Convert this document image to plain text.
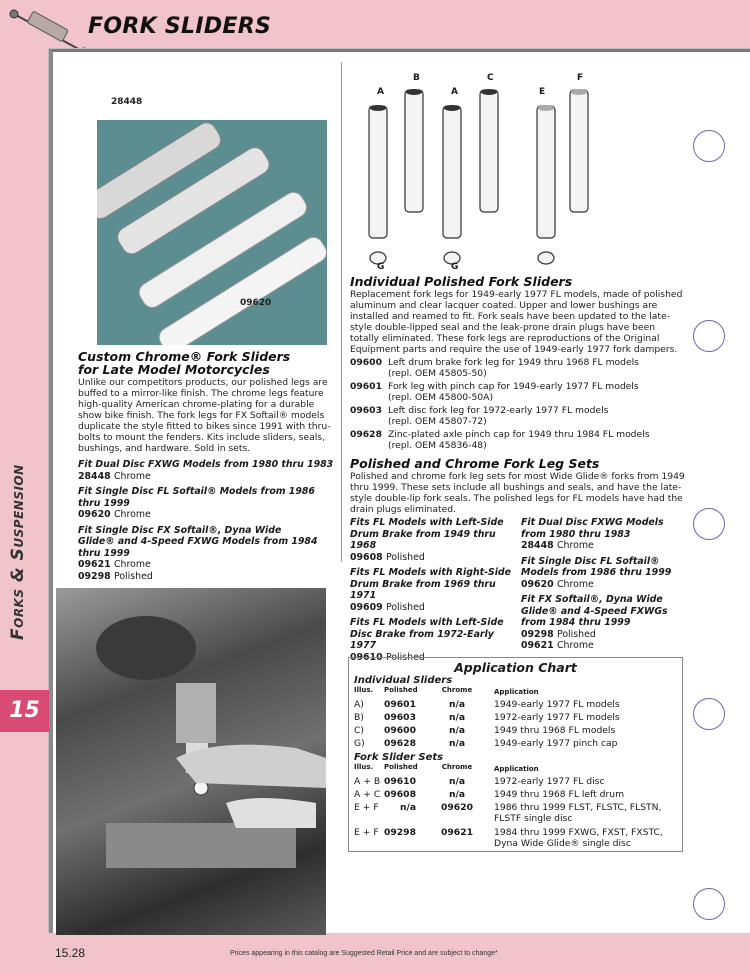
FORK SLIDERS
28448
09620
A
B
A
C
E
F
G	G
Custom Chrome® Fork Sliders
for Late Model Motorcycles
Unlike our competitors products, our polished legs are buffed to a mirror-like finish. The chrome legs feature high-quality American chrome-plating for a durable show bike finish. The fork legs for FX Softail® models duplicate the style fitted to bikes since 1991 with thru-bolts to mount the fenders. Kits include sliders, seals, bushings, and hardware. Sold in sets.
Fit Dual Disc FXWG Models from 1980 thru 1983
28448 Chrome
Fit Single Disc FL Softail® Models from 1986 thru 1999
09620 Chrome
Fit Single Disc FX Softail®, Dyna Wide Glide® and 4-Speed FXWG Models from 1984 thru 1999
09621 Chrome
09298 Polished
Individual Polished Fork Sliders
Replacement fork legs for 1949-early 1977 FL models, made of polished aluminum and clear lacquer coated. Upper and lower bushings are installed and reamed to fit. Fork seals have been updated to the late-style double-lipped seal and the leak-prone drain plugs have been totally eliminated. These fork legs are reproductions of the Original Equipment parts and require the use of 1949-early 1977 fork dampers.
09600 Left drum brake fork leg for 1949 thru 1968 FL models
(repl. OEM 45805-50)
09601 Fork leg with pinch cap for 1949-early 1977 FL models
(repl. OEM 45800-50A)
09603 Left disc fork leg for 1972-early 1977 FL models
(repl. OEM 45807-72)
09628 Zinc-plated axle pinch cap for 1949 thru 1984 FL models
(repl. OEM 45836-48)
Polished and Chrome Fork Leg Sets
Polished and chrome fork leg sets for most Wide Glide® forks from 1949 thru 1999. These sets include all bushings and seals, and have the late-style double-lip fork seals. The polished legs for FL models have had the drain plugs eliminated.
Fits FL Models with Left-Side Drum Brake from 1949 thru 1968
09608 Polished
Fits FL Models with Right-Side Drum Brake from 1969 thru 1971
09609 Polished
Fits FL Models with Left-Side Disc Brake from 1972-Early 1977
09610 Polished
Fit Dual Disc FXWG Models from 1980 thru 1983
28448 Chrome
Fit Single Disc FL Softail® Models from 1986 thru 1999
09620 Chrome
Fit FX Softail®, Dyna Wide Glide® and 4-Speed FXWGs from 1984 thru 1999
09298 Polished
09621 Chrome
Application Chart
Individual Sliders
Illus.	Polished	Chrome	Application
A)	09601	n/a	1949-early 1977 FL models
B)	09603	n/a	1972-early 1977 FL models
C)	09600	n/a	1949 thru 1968 FL models
G)	09628	n/a	1949-early 1977 pinch cap
Fork Slider Sets
Illus.	Polished	Chrome	Application
A + B 09610	n/a	1972-early 1977 FL disc
A + C 09608	n/a	1949 thru 1968 FL left drum
E + F	n/a	09620	1986 thru 1999 FLST, FLSTC, FLSTN, FLSTF single disc
E + F 09298	09621	1984 thru 1999 FXWG, FXST, FXSTC, Dyna Wide Glide® single disc
Forks & Suspension
15
15.28	Prices appearing in this catalog are Suggested Retail Price and are subject to change*
